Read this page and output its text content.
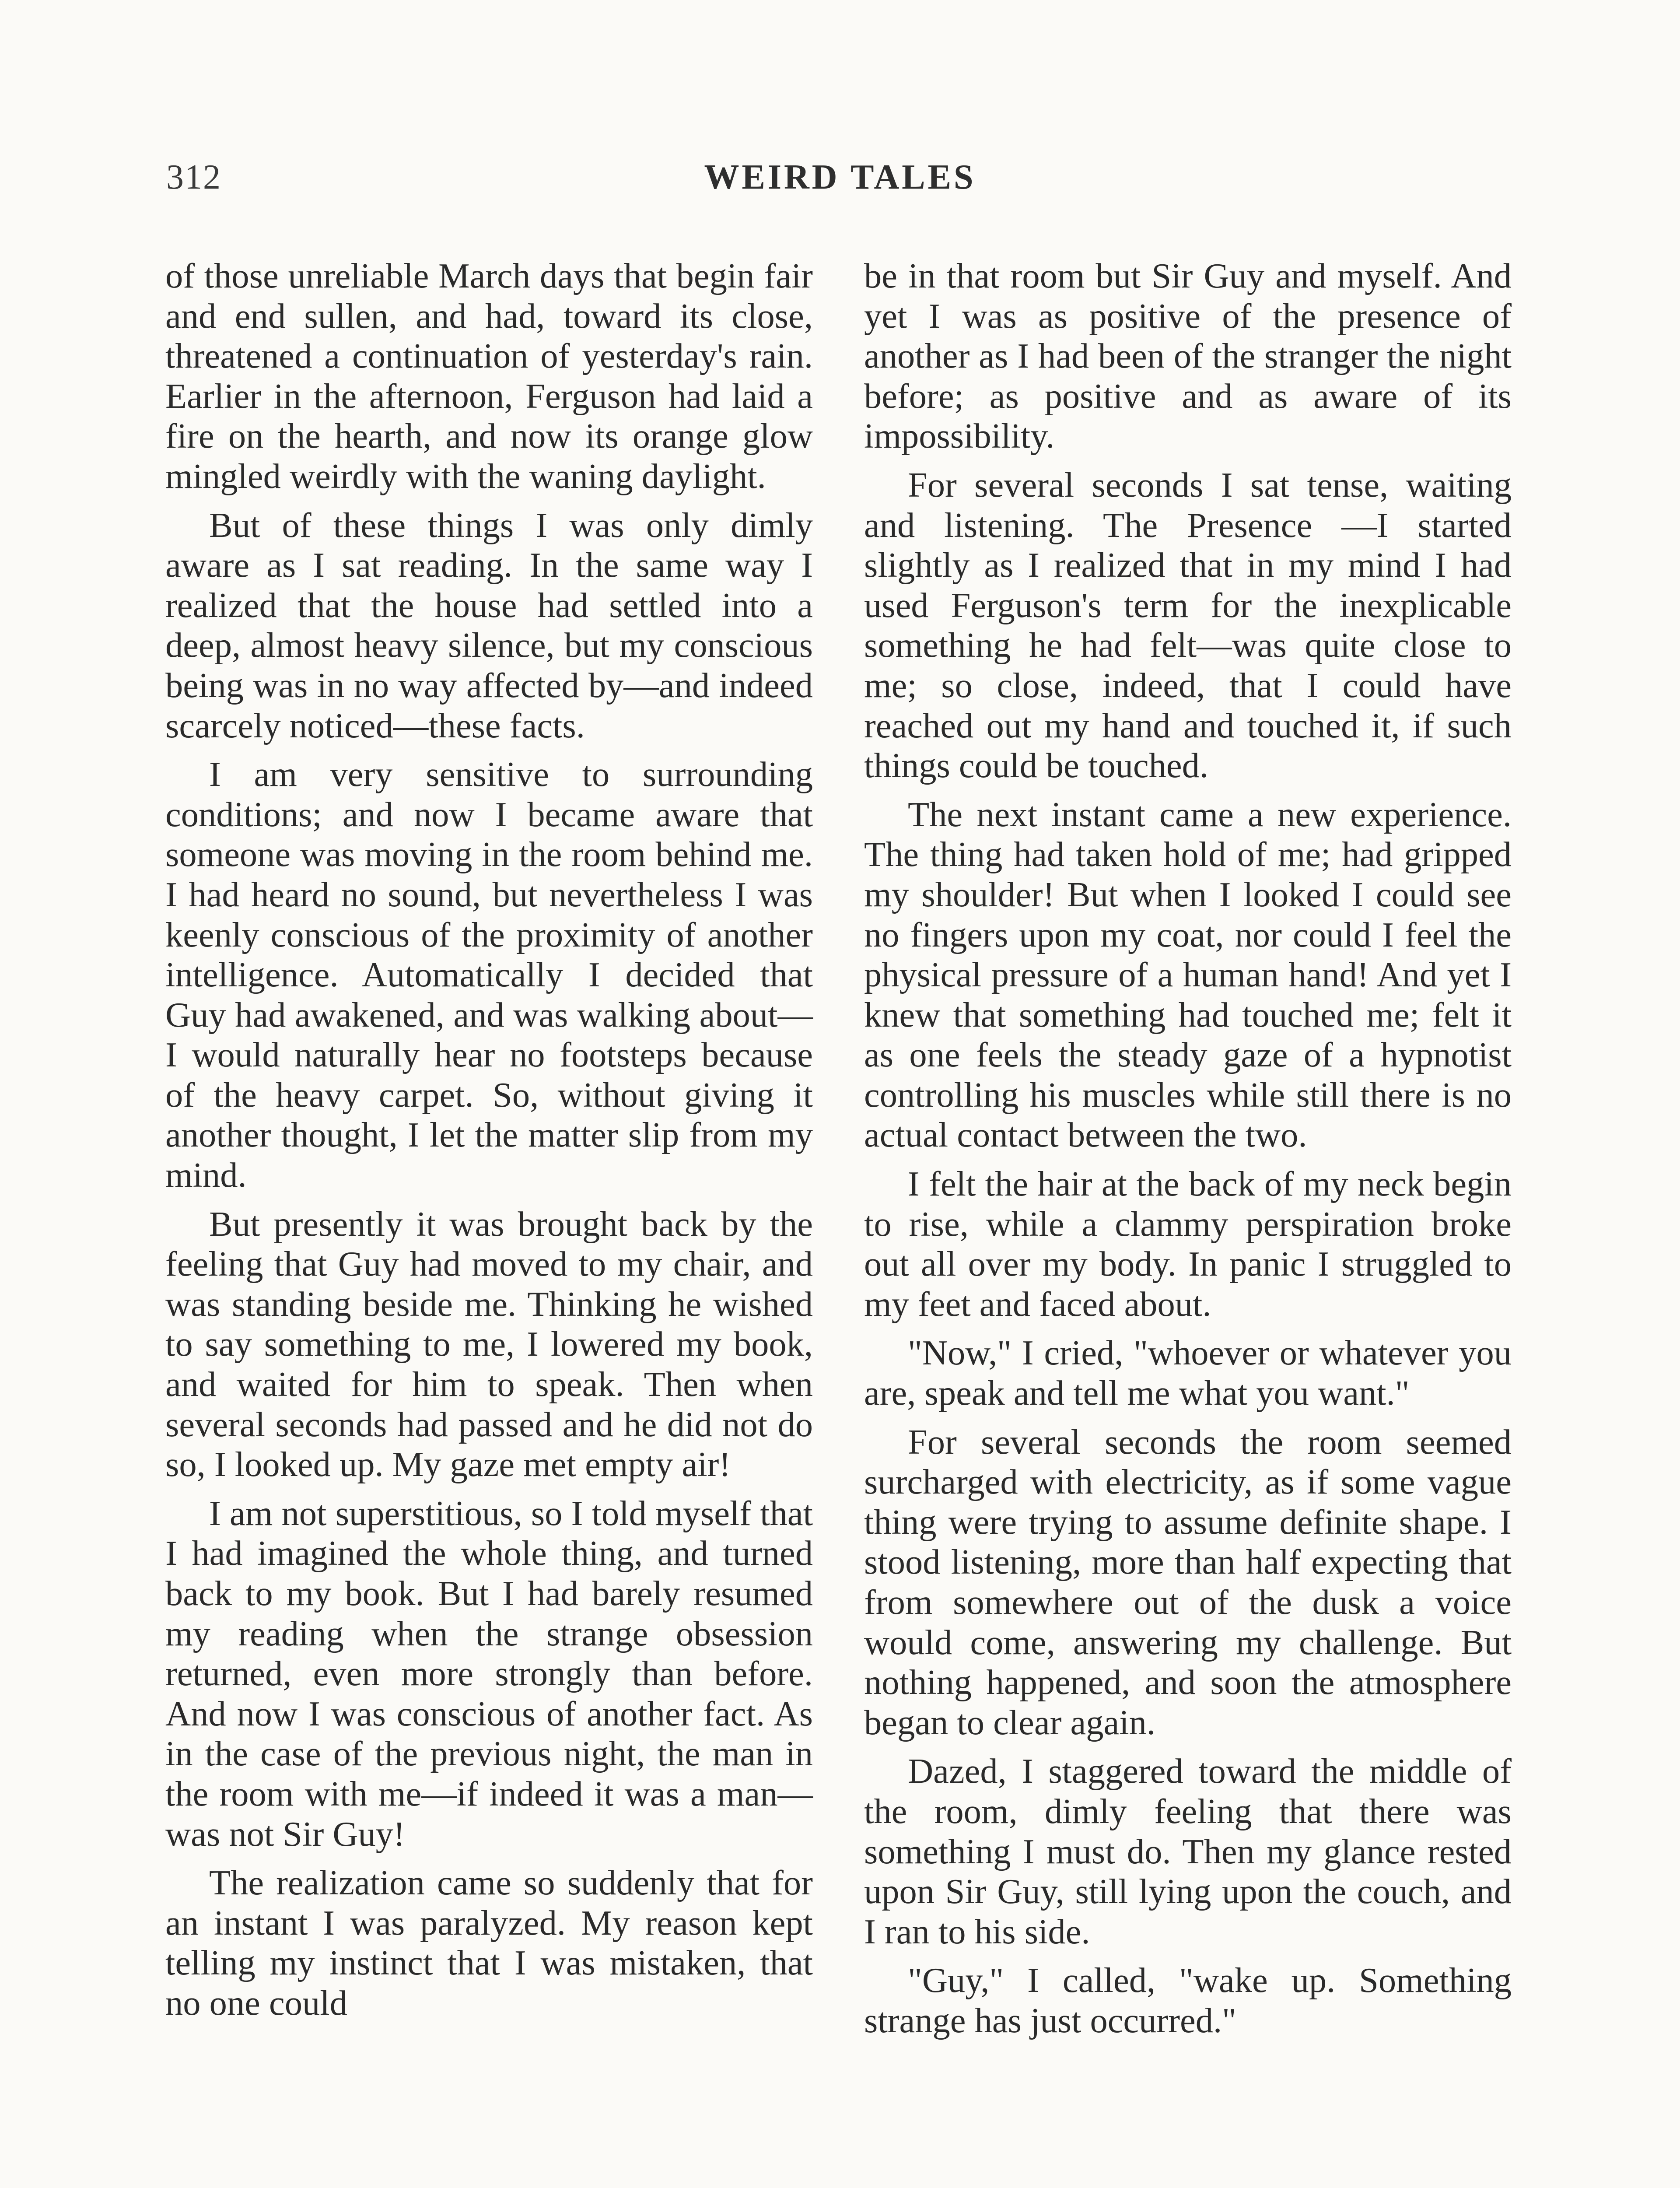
312	WEIRD TALES

of those unreliable March days that begin fair and end sullen, and had, toward its close, threatened a continuation of yesterday's rain. Earlier in the afternoon, Ferguson had laid a fire on the hearth, and now its orange glow mingled weirdly with the waning daylight.

But of these things I was only dimly aware as I sat reading. In the same way I realized that the house had settled into a deep, almost heavy silence, but my conscious being was in no way affected by—and indeed scarcely noticed—these facts.

I am very sensitive to surrounding conditions; and now I became aware that someone was moving in the room behind me. I had heard no sound, but nevertheless I was keenly conscious of the proximity of another intelligence. Automatically I decided that Guy had awakened, and was walking about—I would naturally hear no footsteps because of the heavy carpet. So, without giving it another thought, I let the matter slip from my mind.

But presently it was brought back by the feeling that Guy had moved to my chair, and was standing beside me. Thinking he wished to say something to me, I lowered my book, and waited for him to speak. Then when several seconds had passed and he did not do so, I looked up. My gaze met empty air!

I am not superstitious, so I told myself that I had imagined the whole thing, and turned back to my book. But I had barely resumed my reading when the strange obsession returned, even more strongly than before. And now I was conscious of another fact. As in the case of the previous night, the man in the room with me—if indeed it was a man—was not Sir Guy!

The realization came so suddenly that for an instant I was paralyzed. My reason kept telling my instinct that I was mistaken, that no one could

be in that room but Sir Guy and myself. And yet I was as positive of the presence of another as I had been of the stranger the night before; as positive and as aware of its impossibility.

For several seconds I sat tense, waiting and listening. The Presence —I started slightly as I realized that in my mind I had used Ferguson's term for the inexplicable something he had felt—was quite close to me; so close, indeed, that I could have reached out my hand and touched it, if such things could be touched.

The next instant came a new experience. The thing had taken hold of me; had gripped my shoulder! But when I looked I could see no fingers upon my coat, nor could I feel the physical pressure of a human hand! And yet I knew that something had touched me; felt it as one feels the steady gaze of a hypnotist controlling his muscles while still there is no actual contact between the two.

I felt the hair at the back of my neck begin to rise, while a clammy perspiration broke out all over my body. In panic I struggled to my feet and faced about.

"Now," I cried, "whoever or whatever you are, speak and tell me what you want."

For several seconds the room seemed surcharged with electricity, as if some vague thing were trying to assume definite shape. I stood listening, more than half expecting that from somewhere out of the dusk a voice would come, answering my challenge. But nothing happened, and soon the atmosphere began to clear again.

Dazed, I staggered toward the middle of the room, dimly feeling that there was something I must do. Then my glance rested upon Sir Guy, still lying upon the couch, and I ran to his side.

"Guy," I called, "wake up. Something strange has just occurred."
